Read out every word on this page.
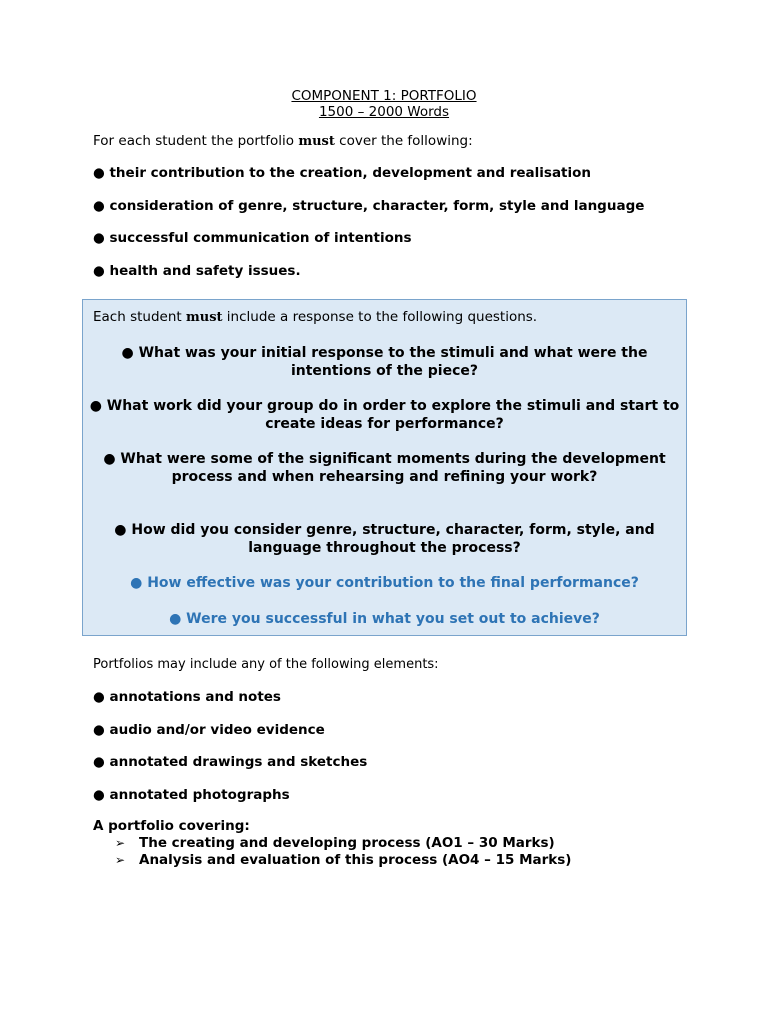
COMPONENT 1: PORTFOLIO
1500 – 2000 Words
For each student the portfolio must cover the following:
● their contribution to the creation, development and realisation
● consideration of genre, structure, character, form, style and language
● successful communication of intentions
● health and safety issues.
Each student must include a response to the following questions.
● What was your initial response to the stimuli and what were the intentions of the piece?
● What work did your group do in order to explore the stimuli and start to create ideas for performance?
● What were some of the significant moments during the development process and when rehearsing and refining your work?
● How did you consider genre, structure, character, form, style, and language throughout the process?
● How effective was your contribution to the final performance?
● Were you successful in what you set out to achieve?
Portfolios may include any of the following elements:
● annotations and notes
● audio and/or video evidence
● annotated drawings and sketches
● annotated photographs
A portfolio covering:
➢	The creating and developing process (AO1 – 30 Marks)
➢	Analysis and evaluation of this process (AO4 – 15 Marks)
